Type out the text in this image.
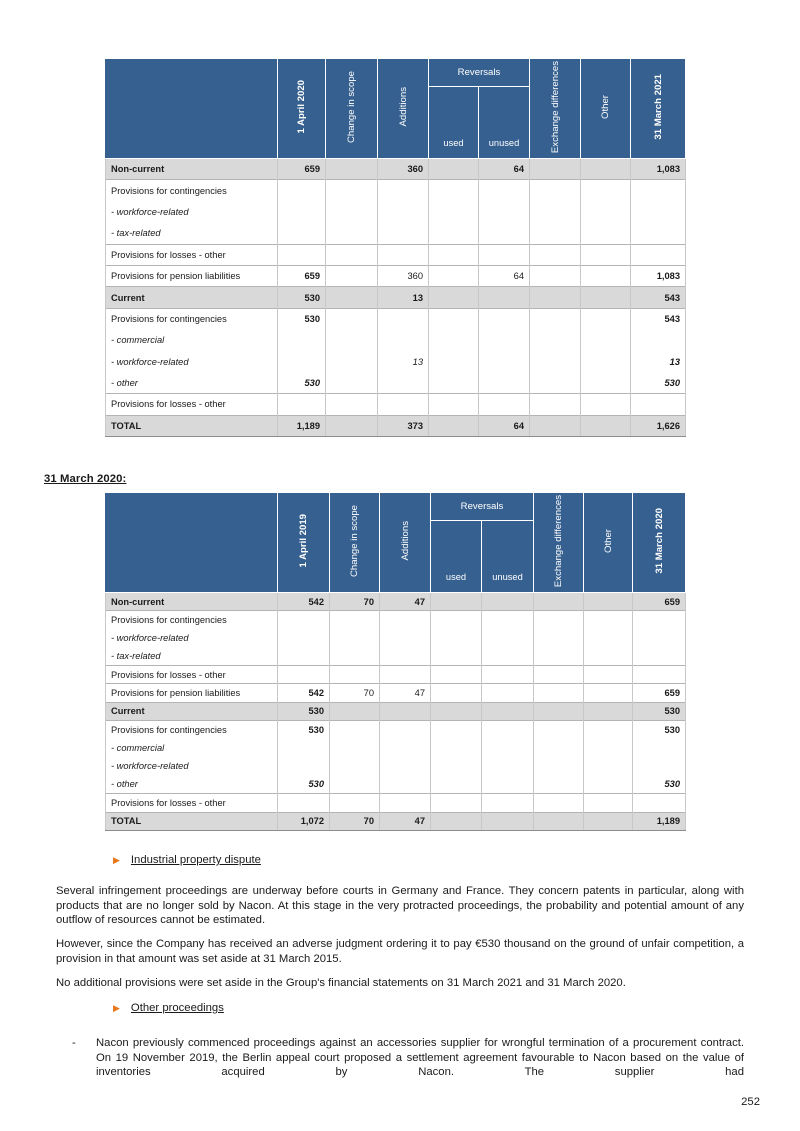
	1 April 2020	Change in scope	Additions	Reversals		Exchange differences	Other	31 March 2021
				used	unused			
Non-current	659		360		64			1,083
Provisions for contingencies								
- workforce-related								
- tax-related								
Provisions for losses - other								
Provisions for pension liabilities	659		360		64			1,083
Current	530		13					543
Provisions for contingencies	530							543
- commercial								
- workforce-related			13					13
- other	530							530
Provisions for losses - other								
TOTAL	1,189		373		64			1,626
31 March 2020:
	1 April 2019	Change in scope	Additions	Reversals		Exchange differences	Other	31 March 2020
				used	unused			
Non-current	542	70	47					659
Provisions for contingencies								
- workforce-related								
- tax-related								
Provisions for losses - other								
Provisions for pension liabilities	542	70	47					659
Current	530							530
Provisions for contingencies	530							530
- commercial								
- workforce-related								
- other	530							530
Provisions for losses - other								
TOTAL	1,072	70	47					1,189
▶ Industrial property dispute

Several infringement proceedings are underway before courts in Germany and France. They concern patents in particular, along with products that are no longer sold by Nacon. At this stage in the very protracted proceedings, the probability and potential amount of any outflow of resources cannot be estimated.

However, since the Company has received an adverse judgment ordering it to pay €530 thousand on the ground of unfair competition, a provision in that amount was set aside at 31 March 2015.

No additional provisions were set aside in the Group's financial statements on 31 March 2021 and 31 March 2020.

▶ Other proceedings
-	Nacon previously commenced proceedings against an accessories supplier for wrongful termination of a procurement contract. On 19 November 2019, the Berlin appeal court proposed a settlement agreement favourable to Nacon based on the value of inventories acquired by Nacon. The supplier had
252
